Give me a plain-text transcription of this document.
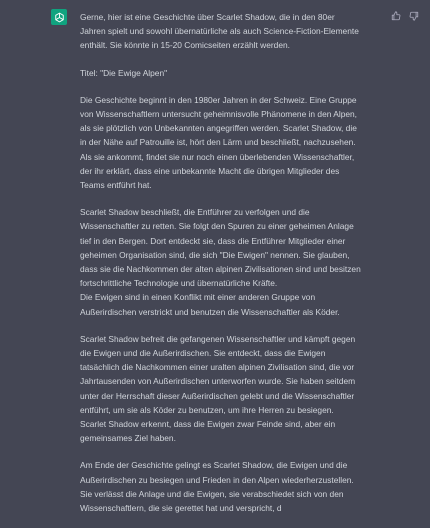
Gerne, hier ist eine Geschichte über Scarlet Shadow, die in den 80er Jahren spielt und sowohl übernatürliche als auch Science-Fiction-Elemente enthält. Sie könnte in 15-20 Comicseiten erzählt werden.

Titel: "Die Ewige Alpen"

Die Geschichte beginnt in den 1980er Jahren in der Schweiz. Eine Gruppe von Wissenschaftlern untersucht geheimnisvolle Phänomene in den Alpen, als sie plötzlich von Unbekannten angegriffen werden. Scarlet Shadow, die in der Nähe auf Patrouille ist, hört den Lärm und beschließt, nachzusehen. Als sie ankommt, findet sie nur noch einen überlebenden Wissenschaftler, der ihr erklärt, dass eine unbekannte Macht die übrigen Mitglieder des Teams entführt hat.

Scarlet Shadow beschließt, die Entführer zu verfolgen und die Wissenschaftler zu retten. Sie folgt den Spuren zu einer geheimen Anlage tief in den Bergen. Dort entdeckt sie, dass die Entführer Mitglieder einer geheimen Organisation sind, die sich "Die Ewigen" nennen. Sie glauben, dass sie die Nachkommen der alten alpinen Zivilisationen sind und besitzen fortschrittliche Technologie und übernatürliche Kräfte.
Die Ewigen sind in einen Konflikt mit einer anderen Gruppe von Außerirdischen verstrickt und benutzen die Wissenschaftler als Köder.

Scarlet Shadow befreit die gefangenen Wissenschaftler und kämpft gegen die Ewigen und die Außerirdischen. Sie entdeckt, dass die Ewigen tatsächlich die Nachkommen einer uralten alpinen Zivilisation sind, die vor Jahrtausenden von Außerirdischen unterworfen wurde. Sie haben seitdem unter der Herrschaft dieser Außerirdischen gelebt und die Wissenschaftler entführt, um sie als Köder zu benutzen, um ihre Herren zu besiegen. Scarlet Shadow erkennt, dass die Ewigen zwar Feinde sind, aber ein gemeinsames Ziel haben.

Am Ende der Geschichte gelingt es Scarlet Shadow, die Ewigen und die Außerirdischen zu besiegen und Frieden in den Alpen wiederherzustellen. Sie verlässt die Anlage und die Ewigen, sie verabschiedet sich von den Wissenschaftlern, die sie gerettet hat und verspricht, d
